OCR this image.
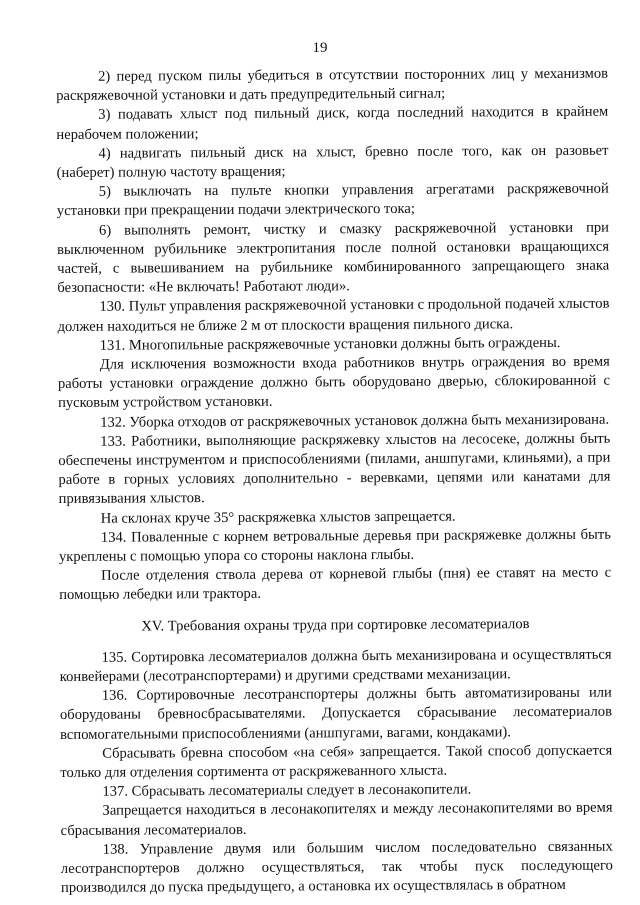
19

2) перед пуском пилы убедиться в отсутствии посторонних лиц у механизмов раскряжевочной установки и дать предупредительный сигнал;

3) подавать хлыст под пильный диск, когда последний находится в крайнем нерабочем положении;

4) надвигать пильный диск на хлыст, бревно после того, как он разовьет (наберет) полную частоту вращения;

5) выключать на пульте кнопки управления агрегатами раскряжевочной установки при прекращении подачи электрического тока;

6) выполнять ремонт, чистку и смазку раскряжевочной установки при выключенном рубильнике электропитания после полной остановки вращающихся частей, с вывешиванием на рубильнике комбинированного запрещающего знака безопасности: «Не включать! Работают люди».

130. Пульт управления раскряжевочной установки с продольной подачей хлыстов должен находиться не ближе 2 м от плоскости вращения пильного диска.

131. Многопильные раскряжевочные установки должны быть ограждены.

Для исключения возможности входа работников внутрь ограждения во время работы установки ограждение должно быть оборудовано дверью, сблокированной с пусковым устройством установки.

132. Уборка отходов от раскряжевочных установок должна быть механизирована.

133. Работники, выполняющие раскряжевку хлыстов на лесосеке, должны быть обеспечены инструментом и приспособлениями (пилами, аншпугами, клиньями), а при работе в горных условиях дополнительно - веревками, цепями или канатами для привязывания хлыстов.

На склонах круче 35° раскряжевка хлыстов запрещается.

134. Поваленные с корнем ветровальные деревья при раскряжевке должны быть укреплены с помощью упора со стороны наклона глыбы.

После отделения ствола дерева от корневой глыбы (пня) ее ставят на место с помощью лебедки или трактора.

XV. Требования охраны труда при сортировке лесоматериалов

135. Сортировка лесоматериалов должна быть механизирована и осуществляться конвейерами (лесотранспортерами) и другими средствами механизации.

136. Сортировочные лесотранспортеры должны быть автоматизированы или оборудованы бревносбрасывателями. Допускается сбрасывание лесоматериалов вспомогательными приспособлениями (аншпугами, вагами, кондаками).

Сбрасывать бревна способом «на себя» запрещается. Такой способ допускается только для отделения сортимента от раскряжеванного хлыста.

137. Сбрасывать лесоматериалы следует в лесонакопители.

Запрещается находиться в лесонакопителях и между лесонакопителями во время сбрасывания лесоматериалов.

138. Управление двумя или большим числом последовательно связанных лесотранспортеров должно осуществляться, так чтобы пуск последующего производился до пуска предыдущего, а остановка их осуществлялась в обратном
